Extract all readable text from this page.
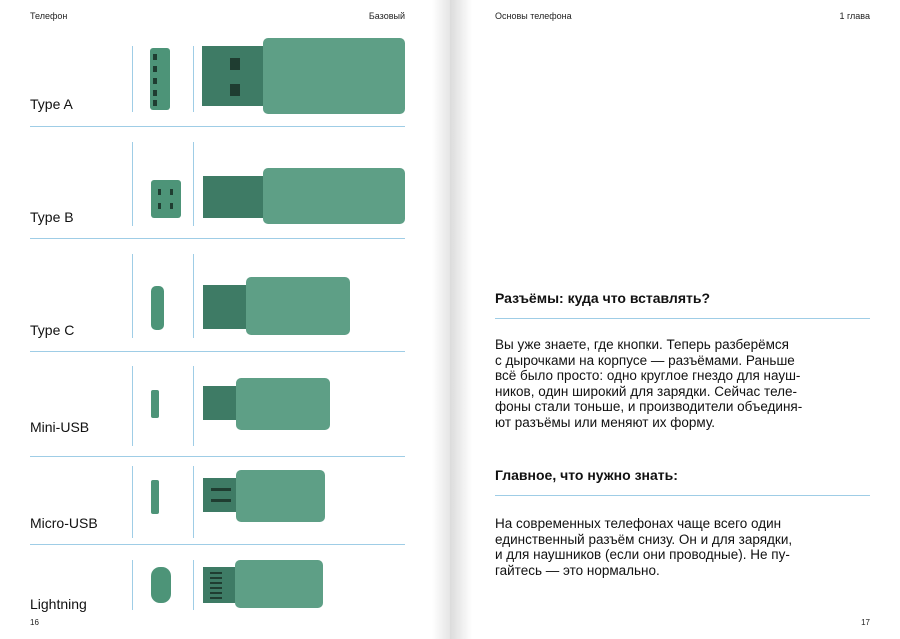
Телефон	Базовый
Type A
Type B
Type C
Mini-USB
Micro-USB
Lightning
16
Основы телефона	1 глава
Разъёмы: куда что вставлять?
Вы уже знаете, где кнопки. Теперь разберёмся
с дырочками на корпусе — разъёмами. Раньше
всё было просто: одно круглое гнездо для науш-
ников, один широкий для зарядки. Сейчас теле-
фоны стали тоньше, и производители объединя-
ют разъёмы или меняют их форму.
Главное, что нужно знать:
На современных телефонах чаще всего один
единственный разъём снизу. Он и для зарядки,
и для наушников (если они проводные). Не пу-
гайтесь — это нормально.
17
